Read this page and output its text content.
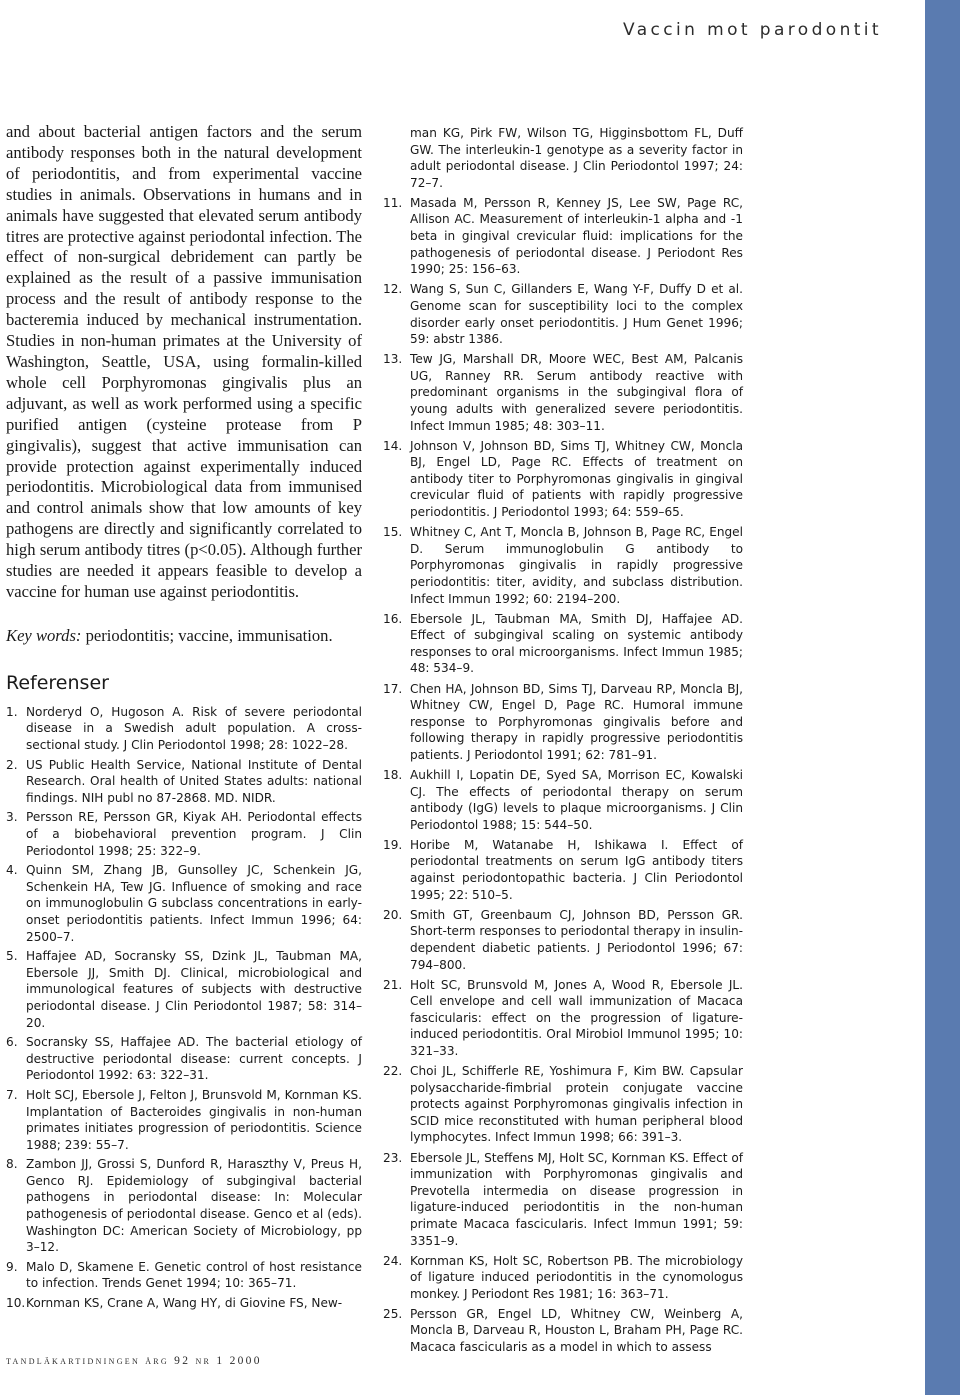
Vaccin mot parodontit

and about bacterial antigen factors and the serum antibody responses both in the natural development of periodontitis, and from experimental vaccine studies in animals. Observations in humans and in animals have suggested that elevated serum antibody titres are protective against periodontal infection. The effect of non-surgical debridement can partly be explained as the result of a passive immunisation process and the result of antibody response to the bacteremia induced by mechanical instrumentation. Studies in non-human primates at the University of Washington, Seattle, USA, using formalin-killed whole cell Porphyromonas gingivalis plus an adjuvant, as well as work performed using a specific purified antigen (cysteine protease from P gingivalis), suggest that active immunisation can provide protection against experimentally induced periodontitis. Microbiological data from immunised and control animals show that low amounts of key pathogens are directly and significantly correlated to high serum antibody titres (p<0.05). Although further studies are needed it appears feasible to develop a vaccine for human use against periodontitis.

Key words: periodontitis; vaccine, immunisation.

Referenser
1. Norderyd O, Hugoson A. Risk of severe periodontal disease in a Swedish adult population. A cross-sectional study. J Clin Periodontol 1998; 28: 1022–28.
2. US Public Health Service, National Institute of Dental Research. Oral health of United States adults: national findings. NIH publ no 87-2868. MD. NIDR.
3. Persson RE, Persson GR, Kiyak AH. Periodontal effects of a biobehavioral prevention program. J Clin Periodontol 1998; 25: 322–9.
4. Quinn SM, Zhang JB, Gunsolley JC, Schenkein JG, Schenkein HA, Tew JG. Influence of smoking and race on immunoglobulin G subclass concentrations in early-onset periodontitis patients. Infect Immun 1996; 64: 2500–7.
5. Haffajee AD, Socransky SS, Dzink JL, Taubman MA, Ebersole JJ, Smith DJ. Clinical, microbiological and immunological features of subjects with destructive periodontal disease. J Clin Periodontol 1987; 58: 314–20.
6. Socransky SS, Haffajee AD. The bacterial etiology of destructive periodontal disease: current concepts. J Periodontol 1992: 63: 322–31.
7. Holt SCJ, Ebersole J, Felton J, Brunsvold M, Kornman KS. Implantation of Bacteroides gingivalis in non-human primates initiates progression of periodontitis. Science 1988; 239: 55–7.
8. Zambon JJ, Grossi S, Dunford R, Haraszthy V, Preus H, Genco RJ. Epidemiology of subgingival bacterial pathogens in periodontal disease: In: Molecular pathogenesis of periodontal disease. Genco et al (eds). Washington DC: American Society of Microbiology, pp 3–12.
9. Malo D, Skamene E. Genetic control of host resistance to infection. Trends Genet 1994; 10: 365–71.
10. Kornman KS, Crane A, Wang HY, di Giovine FS, New-
man KG, Pirk FW, Wilson TG, Higginsbottom FL, Duff GW. The interleukin-1 genotype as a severity factor in adult periodontal disease. J Clin Periodontol 1997; 24: 72–7.
11. Masada M, Persson R, Kenney JS, Lee SW, Page RC, Allison AC. Measurement of interleukin-1 alpha and -1 beta in gingival crevicular fluid: implications for the pathogenesis of periodontal disease. J Periodont Res 1990; 25: 156–63.
12. Wang S, Sun C, Gillanders E, Wang Y-F, Duffy D et al. Genome scan for susceptibility loci to the complex disorder early onset periodontitis. J Hum Genet 1996; 59: abstr 1386.
13. Tew JG, Marshall DR, Moore WEC, Best AM, Palcanis UG, Ranney RR. Serum antibody reactive with predominant organisms in the subgingival flora of young adults with generalized severe periodontitis. Infect Immun 1985; 48: 303–11.
14. Johnson V, Johnson BD, Sims TJ, Whitney CW, Moncla BJ, Engel LD, Page RC. Effects of treatment on antibody titer to Porphyromonas gingivalis in gingival crevicular fluid of patients with rapidly progressive periodontitis. J Periodontol 1993; 64: 559–65.
15. Whitney C, Ant T, Moncla B, Johnson B, Page RC, Engel D. Serum immunoglobulin G antibody to Porphyromonas gingivalis in rapidly progressive periodontitis: titer, avidity, and subclass distribution. Infect Immun 1992; 60: 2194–200.
16. Ebersole JL, Taubman MA, Smith DJ, Haffajee AD. Effect of subgingival scaling on systemic antibody responses to oral microorganisms. Infect Immun 1985; 48: 534–9.
17. Chen HA, Johnson BD, Sims TJ, Darveau RP, Moncla BJ, Whitney CW, Engel D, Page RC. Humoral immune response to Porphyromonas gingivalis before and following therapy in rapidly progressive periodontitis patients. J Periodontol 1991; 62: 781–91.
18. Aukhill I, Lopatin DE, Syed SA, Morrison EC, Kowalski CJ. The effects of periodontal therapy on serum antibody (IgG) levels to plaque microorganisms. J Clin Periodontol 1988; 15: 544–50.
19. Horibe M, Watanabe H, Ishikawa I. Effect of periodontal treatments on serum IgG antibody titers against periodontopathic bacteria. J Clin Periodontol 1995; 22: 510–5.
20. Smith GT, Greenbaum CJ, Johnson BD, Persson GR. Short-term responses to periodontal therapy in insulin-dependent diabetic patients. J Periodontol 1996; 67: 794–800.
21. Holt SC, Brunsvold M, Jones A, Wood R, Ebersole JL. Cell envelope and cell wall immunization of Macaca fascicularis: effect on the progression of ligature-induced periodontitis. Oral Mirobiol Immunol 1995; 10: 321–33.
22. Choi JL, Schifferle RE, Yoshimura F, Kim BW. Capsular polysaccharide-fimbrial protein conjugate vaccine protects against Porphyromonas gingivalis infection in SCID mice reconstituted with human peripheral blood lymphocytes. Infect Immun 1998; 66: 391–3.
23. Ebersole JL, Steffens MJ, Holt SC, Kornman KS. Effect of immunization with Porphyromonas gingivalis and Prevotella intermedia on disease progression in ligature-induced periodontitis in the non-human primate Macaca fascicularis. Infect Immun 1991; 59: 3351–9.
24. Kornman KS, Holt SC, Robertson PB. The microbiology of ligature induced periodontitis in the cynomologus monkey. J Periodont Res 1981; 16: 363–71.
25. Persson GR, Engel LD, Whitney CW, Weinberg A, Moncla B, Darveau R, Houston L, Braham PH, Page RC. Macaca fascicularis as a model in which to assess
tandläkartidningen årg 92 nr 1 2000
